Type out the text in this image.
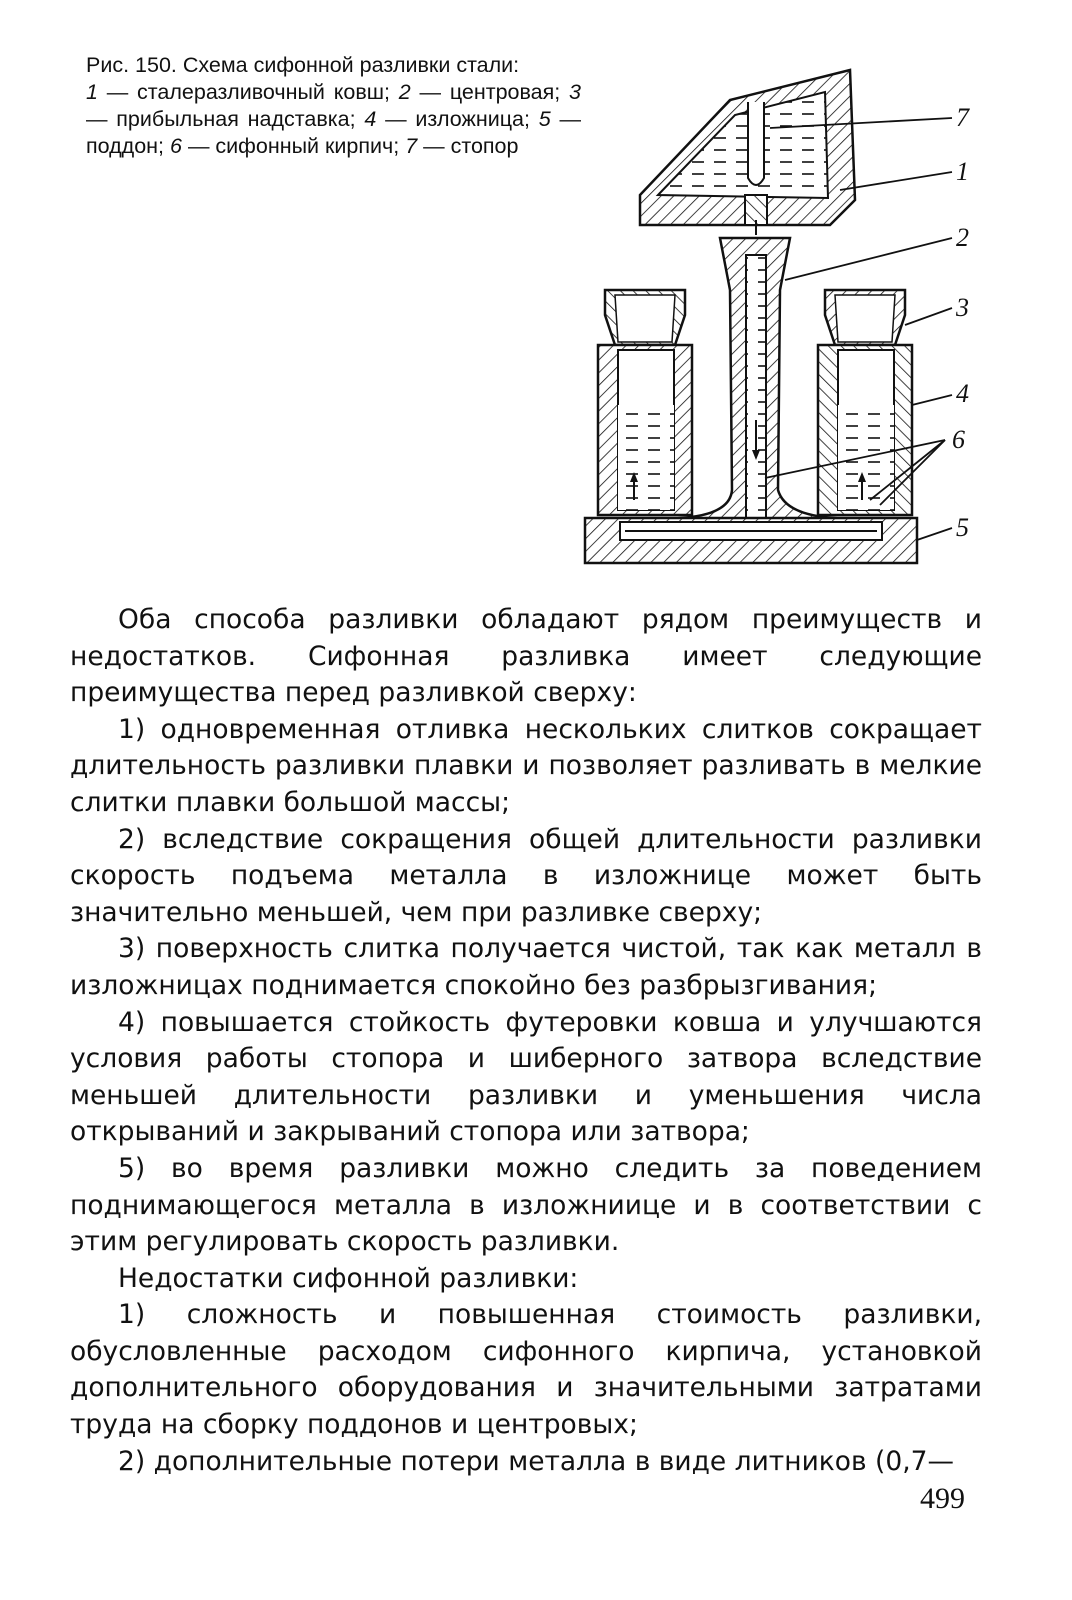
Рис. 150. Схема сифонной разливки стали:
1 — сталеразливочный ковш; 2 — центровая; 3 — прибыльная надставка; 4 — изложница; 5 — поддон; 6 — сифонный кирпич; 7 — стопор
7
1
2
3
4
6
5

Оба способа разливки обладают рядом преимуществ и недостатков. Сифонная разливка имеет следующие преимущества перед разливкой сверху:

1) одновременная отливка нескольких слитков сокращает длительность разливки плавки и позволяет разливать в мелкие слитки плавки большой массы;

2) вследствие сокращения общей длительности разливки скорость подъема металла в изложнице может быть значительно меньшей, чем при разливке сверху;

3) поверхность слитка получается чистой, так как металл в изложницах поднимается спокойно без разбрызгивания;

4) повышается стойкость футеровки ковша и улучшаются условия работы стопора и шиберного затвора вследствие меньшей длительности разливки и уменьшения числа открываний и закрываний стопора или затвора;

5) во время разливки можно следить за поведением поднимающегося металла в изложниице и в соответствии с этим регулировать скорость разливки.

Недостатки сифонной разливки:

1) сложность и повышенная стоимость разливки, обусловленные расходом сифонного кирпича, установкой дополнительного оборудования и значительными затратами труда на сборку поддонов и центровых;

2) дополнительные потери металла в виде литников (0,7—

499
